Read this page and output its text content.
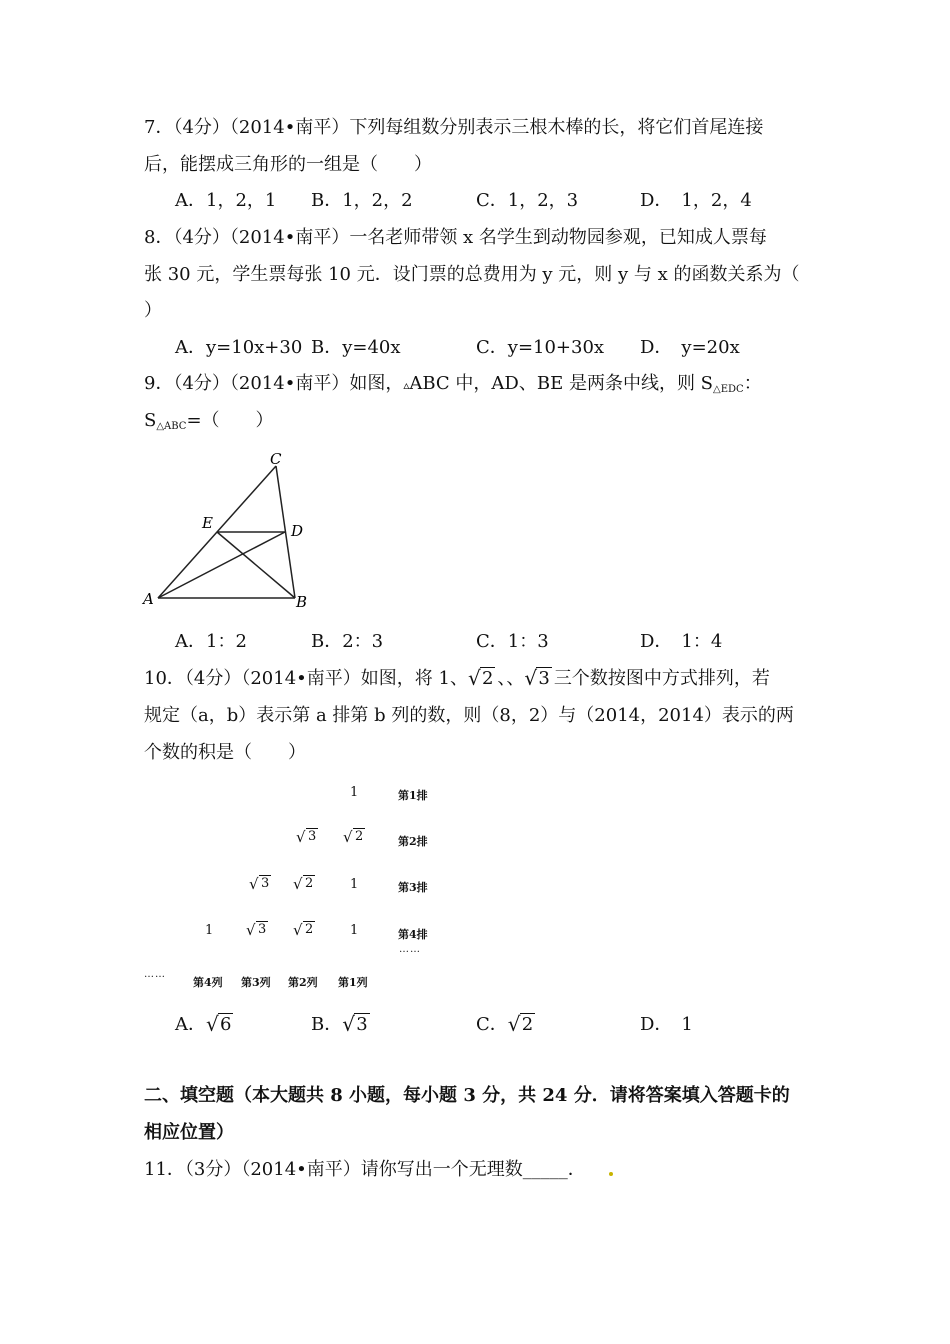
7．（4分）（2014•南平）下列每组数分别表示三根木棒的长，将它们首尾连接
后，能摆成三角形的一组是（　　）
A．1，2，1 B．1，2，2	C．1，2，3	D．　1，2，4
8．（4分）（2014•南平）一名老师带领 x 名学生到动物园参观，已知成人票每
张 30 元，学生票每张 10 元．设门票的总费用为 y 元，则 y 与 x 的函数关系为（
）
A．y=10x+30 B．y=40x	C．y=10+30x D．　y=20x
9．（4分）（2014•南平）如图，▵ABC 中，AD、BE 是两条中线，则 $S_{\triangle EDC}$：
$S_{\triangle ABC}=$（　　）
A	B
C
D
E
A．1：2	B．2：3	C．1：3	D．　1：4
10．（4分）（2014•南平）如图，将 1、 √ 2 、、 √ 3 三个数按图中方式排列，若
规定（a，b）表示第 a 排第 b 列的数，则（8，2）与（2014，2014）表示的两
个数的积是（　　）
1	第1排
√ 3	√ 2	第2排
√ 3	√ 2	1	第3排
1	√ 3	√ 2	1	第4排
……
……
第4列 第3列 第2列 第1列
A． √ 6	B． √ 3	C． √ 2	D．　1
二、填空题（本大题共 8 小题，每小题 3 分，共 24 分．请将答案填入答题卡的
相应位置）
11．（3分）（2014•南平）请你写出一个无理数_____．
